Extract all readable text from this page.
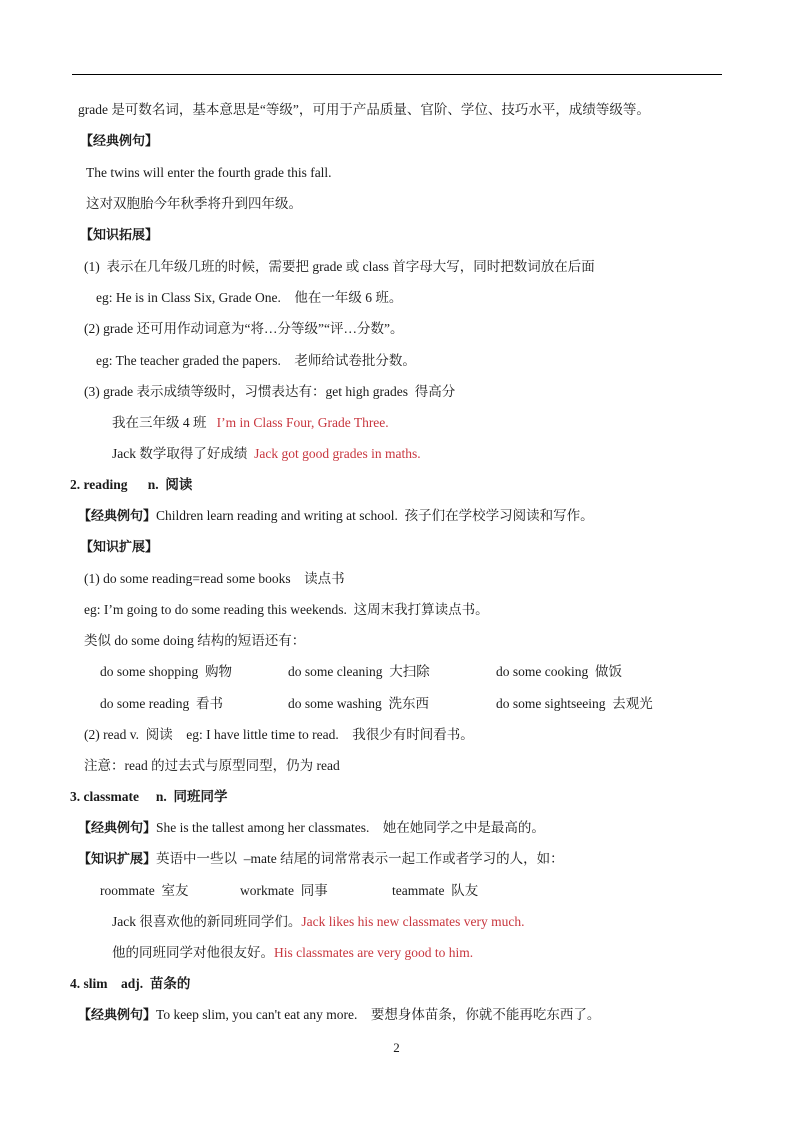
grade 是可数名词，基本意思是“等级”，可用于产品质量、官阶、学位、技巧水平，成绩等级等。
【经典例句】
The twins will enter the fourth grade this fall.
这对双胞胎今年秋季将升到四年级。
【知识拓展】
(1)  表示在几年级几班的时候，需要把 grade 或 class 首字母大写，同时把数词放在后面
eg: He is in Class Six, Grade One.    他在一年级 6 班。
(2) grade 还可用作动词意为“将…分等级”“评…分数”。
eg: The teacher graded the papers.    老师给试卷批分数。
(3) grade 表示成绩等级时，习惯表达有：get high grades  得高分
我在三年级 4 班   I’m in Class Four, Grade Three.
Jack 数学取得了好成绩  Jack got good grades in maths.
2. reading      n.  阅读
【经典例句】Children learn reading and writing at school.  孩子们在学校学习阅读和写作。
【知识扩展】
(1) do some reading=read some books    读点书
eg: I’m going to do some reading this weekends.  这周末我打算读点书。
类似 do some doing 结构的短语还有：
do some shopping  购物	do some cleaning  大扫除	do some cooking  做饭
do some reading  看书	do some washing  洗东西	do some sightseeing  去观光
(2) read v.  阅读    eg: I have little time to read.    我很少有时间看书。
注意：read 的过去式与原型同型，仍为 read
3. classmate     n.  同班同学
【经典例句】She is the tallest among her classmates.    她在她同学之中是最高的。
【知识扩展】英语中一些以  –mate 结尾的词常常表示一起工作或者学习的人，如：
roommate  室友	workmate  同事	teammate  队友
Jack 很喜欢他的新同班同学们。Jack likes his new classmates very much.
他的同班同学对他很友好。His classmates are very good to him.
4. slim    adj.  苗条的
【经典例句】To keep slim, you can't eat any more.    要想身体苗条，你就不能再吃东西了。
2
